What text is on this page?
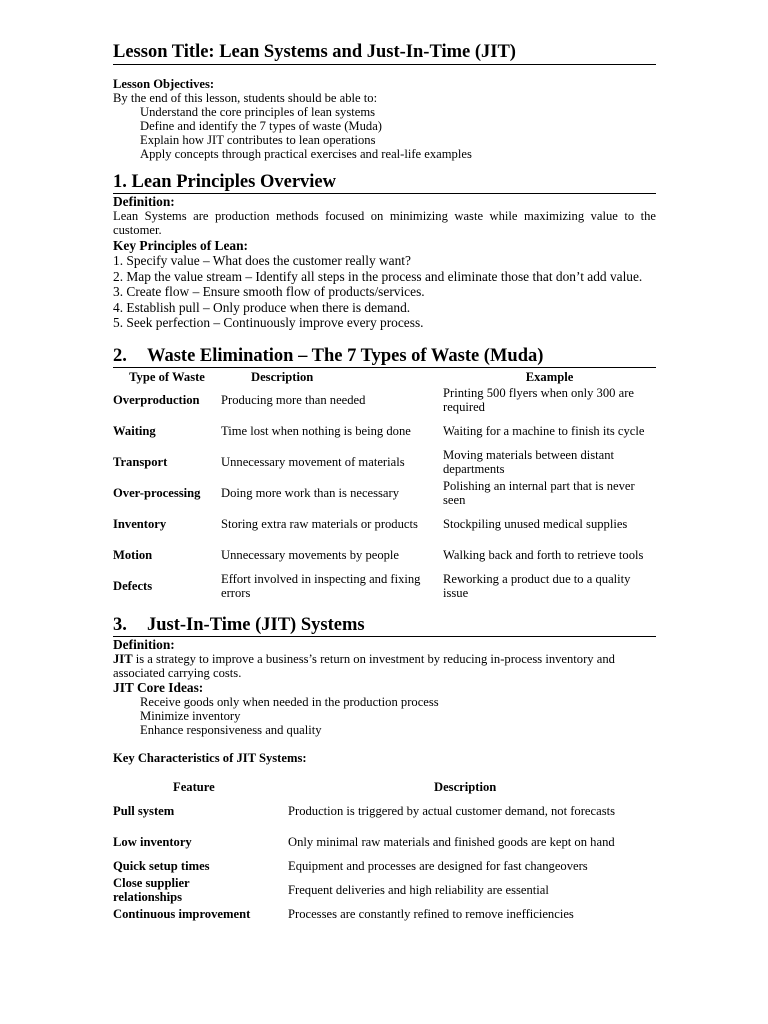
Lesson Title: Lean Systems and Just-In-Time (JIT)
Lesson Objectives:
By the end of this lesson, students should be able to:
Understand the core principles of lean systems
Define and identify the 7 types of waste (Muda)
Explain how JIT contributes to lean operations
Apply concepts through practical exercises and real-life examples
1. Lean Principles Overview
Definition:
Lean Systems are production methods focused on minimizing waste while maximizing value to the customer.
Key Principles of Lean:
1. Specify value – What does the customer really want?
2. Map the value stream – Identify all steps in the process and eliminate those that don’t add value.
3. Create flow – Ensure smooth flow of products/services.
4. Establish pull – Only produce when there is demand.
5. Seek perfection – Continuously improve every process.
2. Waste Elimination – The 7 Types of Waste (Muda)
Type of Waste	Description	Example
Overproduction	Producing more than needed	Printing 500 flyers when only 300 are required
Waiting	Time lost when nothing is being done	Waiting for a machine to finish its cycle
Transport	Unnecessary movement of materials	Moving materials between distant departments
Over-processing	Doing more work than is necessary	Polishing an internal part that is never seen
Inventory	Storing extra raw materials or products	Stockpiling unused medical supplies
Motion	Unnecessary movements by people	Walking back and forth to retrieve tools
Defects	Effort involved in inspecting and fixing errors	Reworking a product due to a quality issue
3. Just-In-Time (JIT) Systems
Definition:
JIT is a strategy to improve a business’s return on investment by reducing in-process inventory and associated carrying costs.
JIT Core Ideas:
Receive goods only when needed in the production process
Minimize inventory
Enhance responsiveness and quality
Key Characteristics of JIT Systems:
Feature	Description
Pull system	Production is triggered by actual customer demand, not forecasts
Low inventory	Only minimal raw materials and finished goods are kept on hand
Quick setup times	Equipment and processes are designed for fast changeovers
Close supplier relationships	Frequent deliveries and high reliability are essential
Continuous improvement	Processes are constantly refined to remove inefficiencies
